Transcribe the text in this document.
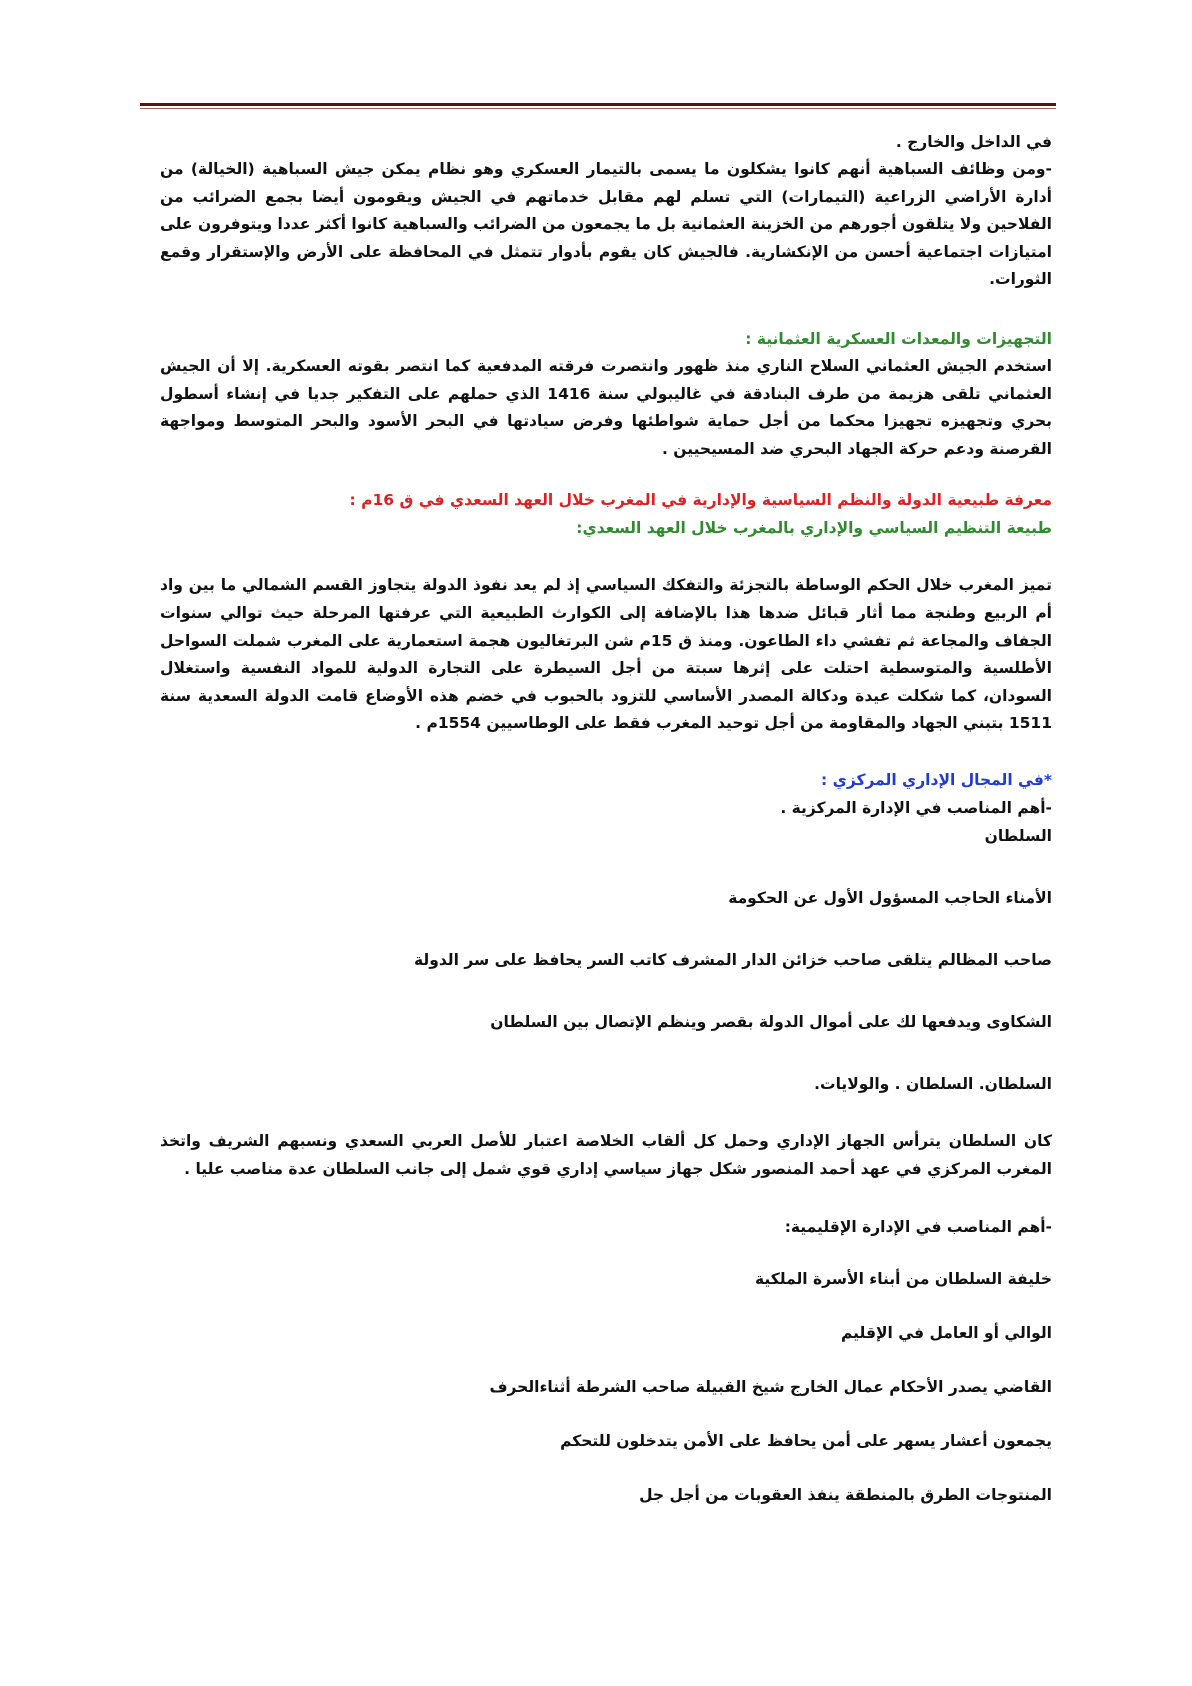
في الداخل والخارج .

-ومن وظائف السباهية أنهم كانوا يشكلون ما يسمى بالتيمار العسكري وهو نظام يمكن جيش السباهية (الخيالة) من أدارة الأراضي الزراعية (التيمارات) التي تسلم لهم مقابل خدماتهم في الجيش ويقومون أيضا بجمع الضرائب من الفلاحين ولا يتلقون أجورهم من الخزينة العثمانية بل ما يجمعون من الضرائب والسباهية كانوا أكثر عددا ويتوفرون على امتيازات اجتماعية أحسن من الإنكشارية. فالجيش كان يقوم بأدوار تتمثل في المحافظة على الأرض والإستقرار وقمع الثورات.

التجهيزات والمعدات العسكرية العثمانية :

استخدم الجيش العثماني السلاح الناري منذ ظهور وانتصرت فرقته المدفعية كما انتصر بقوته العسكرية. إلا أن الجيش العثماني تلقى هزيمة من طرف البنادقة في غاليبولي سنة 1416 الذي حملهم على التفكير جديا في إنشاء أسطول بحري وتجهيزه تجهيزا محكما من أجل حماية شواطئها وفرض سيادتها في البحر الأسود والبحر المتوسط ومواجهة القرصنة ودعم حركة الجهاد البحري ضد المسيحيين .

معرفة طبيعية الدولة والنظم السياسية والإدارية في المغرب خلال العهد السعدي في ق 16م :

طبيعة التنظيم السياسي والإداري بالمغرب خلال العهد السعدي:

تميز المغرب خلال الحكم الوساطة بالتجزئة والتفكك السياسي إذ لم يعد نفوذ الدولة يتجاوز القسم الشمالي ما بين واد أم الربيع وطنجة مما أثار قبائل ضدها هذا بالإضافة إلى الكوارث الطبيعية التي عرفتها المرحلة حيث توالي سنوات الجفاف والمجاعة ثم تفشي داء الطاعون. ومنذ ق 15م شن البرتغاليون هجمة استعمارية على المغرب شملت السواحل الأطلسية والمتوسطية احتلت على إثرها سبتة من أجل السيطرة على التجارة الدولية للمواد النفسية واستغلال السودان، كما شكلت عيدة ودكالة المصدر الأساسي للتزود بالحبوب في خضم هذه الأوضاع قامت الدولة السعدية سنة 1511 بتبني الجهاد والمقاومة من أجل توحيد المغرب فقط على الوطاسيين 1554م .

*في المجال الإداري المركزي :

-أهم المناصب في الإدارة المركزية .

السلطان

الأمناء الحاجب المسؤول الأول عن الحكومة

صاحب المظالم يتلقى صاحب خزائن الدار المشرف كاتب السر يحافظ على سر الدولة

الشكاوى ويدفعها لك على أموال الدولة بقصر وينظم الإتصال بين السلطان

السلطان. السلطان . والولايات.

كان السلطان يترأس الجهاز الإداري وحمل كل ألقاب الخلاصة اعتبار للأصل العربي السعدي ونسبهم الشريف واتخذ المغرب المركزي في عهد أحمد المنصور شكل جهاز سياسي إداري قوي شمل إلى جانب السلطان عدة مناصب عليا .

-أهم المناصب في الإدارة الإقليمية:

خليفة السلطان من أبناء الأسرة الملكية

الوالي أو العامل في الإقليم

القاضي يصدر الأحكام عمال الخارج شيخ القبيلة صاحب الشرطة أثناءالحرف

يجمعون أعشار يسهر على أمن يحافظ على الأمن يتدخلون للتحكم

المنتوجات الطرق بالمنطقة ينفذ العقوبات من أجل جل
